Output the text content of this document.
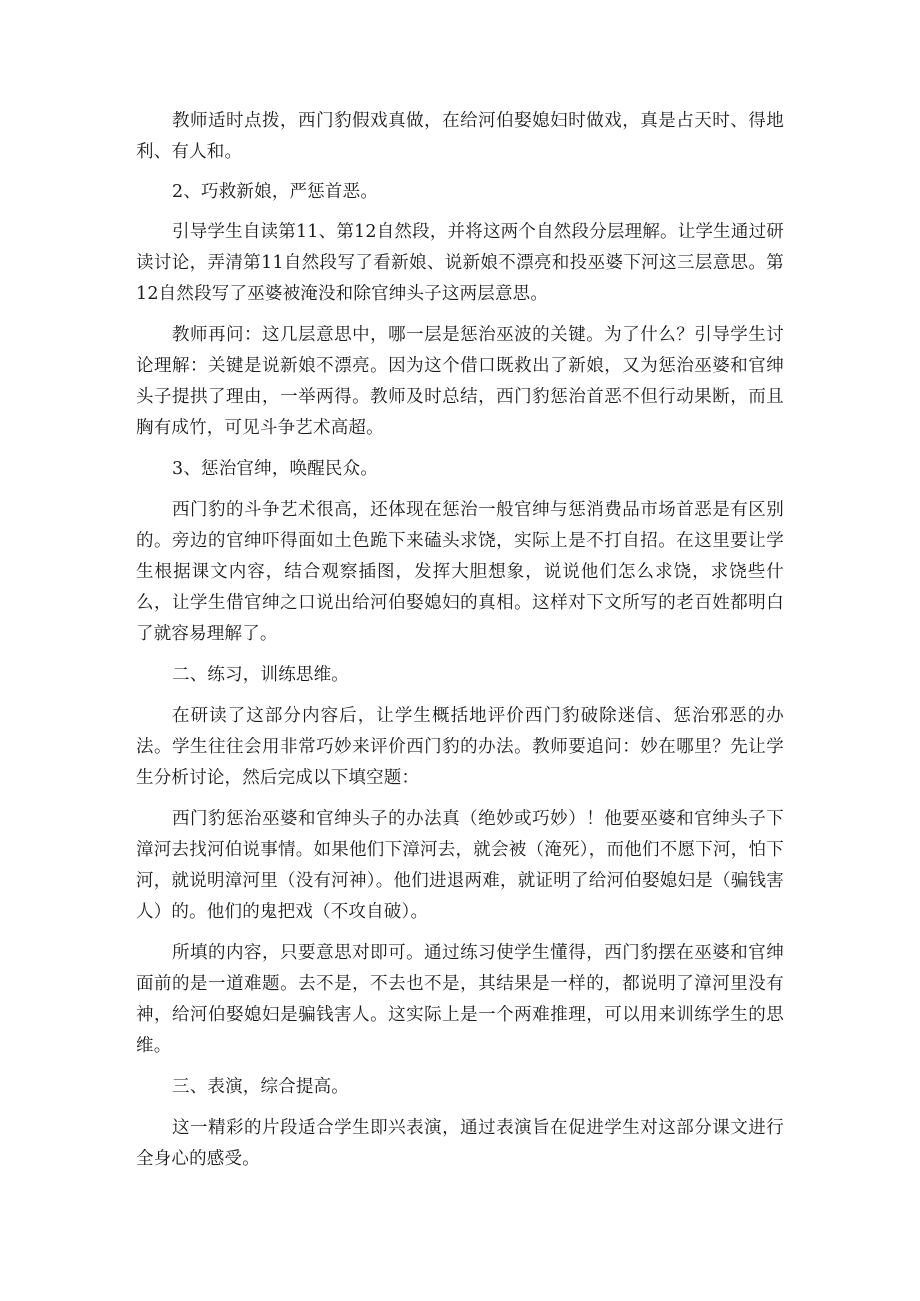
教师适时点拨，西门豹假戏真做，在给河伯娶媳妇时做戏，真是占天时、得地利、有人和。

2、巧救新娘，严惩首恶。

引导学生自读第11、第12自然段，并将这两个自然段分层理解。让学生通过研读讨论，弄清第11自然段写了看新娘、说新娘不漂亮和投巫婆下河这三层意思。第12自然段写了巫婆被淹没和除官绅头子这两层意思。

教师再问：这几层意思中，哪一层是惩治巫波的关键。为了什么？引导学生讨论理解：关键是说新娘不漂亮。因为这个借口既救出了新娘，又为惩治巫婆和官绅头子提拱了理由，一举两得。教师及时总结，西门豹惩治首恶不但行动果断，而且胸有成竹，可见斗争艺术高超。

3、惩治官绅，唤醒民众。

西门豹的斗争艺术很高，还体现在惩治一般官绅与惩消费品市场首恶是有区别的。旁边的官绅吓得面如土色跪下来磕头求饶，实际上是不打自招。在这里要让学生根据课文内容，结合观察插图，发挥大胆想象，说说他们怎么求饶，求饶些什么，让学生借官绅之口说出给河伯娶媳妇的真相。这样对下文所写的老百姓都明白了就容易理解了。

二、练习，训练思维。

在研读了这部分内容后，让学生概括地评价西门豹破除迷信、惩治邪恶的办法。学生往往会用非常巧妙来评价西门豹的办法。教师要追问：妙在哪里？先让学生分析讨论，然后完成以下填空题：

西门豹惩治巫婆和官绅头子的办法真（绝妙或巧妙）！他要巫婆和官绅头子下漳河去找河伯说事情。如果他们下漳河去，就会被（淹死），而他们不愿下河，怕下河，就说明漳河里（没有河神）。他们进退两难，就证明了给河伯娶媳妇是（骗钱害人）的。他们的鬼把戏（不攻自破）。

所填的内容，只要意思对即可。通过练习使学生懂得，西门豹摆在巫婆和官绅面前的是一道难题。去不是，不去也不是，其结果是一样的，都说明了漳河里没有神，给河伯娶媳妇是骗钱害人。这实际上是一个两难推理，可以用来训练学生的思维。

三、表演，综合提高。

这一精彩的片段适合学生即兴表演，通过表演旨在促进学生对这部分课文进行全身心的感受。
